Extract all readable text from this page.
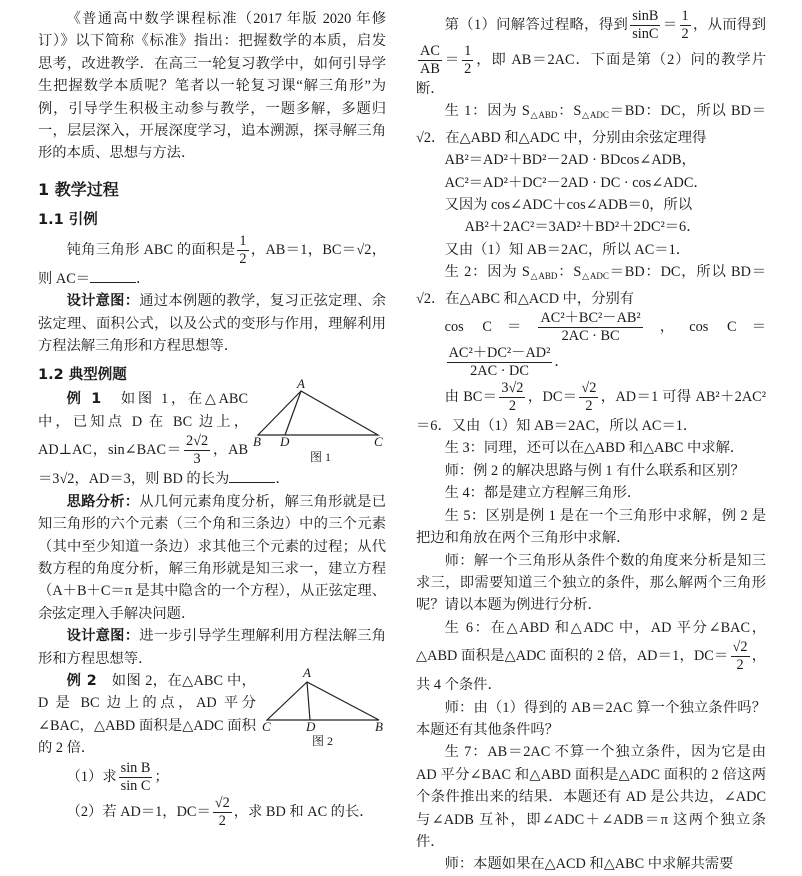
《普通高中数学课程标准（2017 年版 2020 年修订）》以下简称《标准》指出：把握数学的本质，启发思考，改进教学．在高三一轮复习教学中，如何引导学生把握数学本质呢？笔者以一轮复习课“解三角形”为例，引导学生积极主动参与教学，一题多解，多题归一，层层深入，开展深度学习，追本溯源，探寻解三角形的本质、思想与方法．
1 教学过程
1.1 引例
钝角三角形 ABC 的面积是 $\frac{1}{2}$ ，AB＝1，BC＝√2，则 AC＝	．
设计意图：通过本例题的教学，复习正弦定理、余弦定理、面积公式，以及公式的变形与作用，理解利用方程法解三角形和方程思想等．
1.2 典型例题
A
B D	C
图 1
例 1　如图 1，在△ABC 中，已知点 D 在 BC 边上，AD⊥AC，sin∠BAC＝ $\frac{2√2}{3}$ ，AB＝3√2，AD＝3，则 BD 的长为	．
思路分析：从几何元素角度分析，解三角形就是已知三角形的六个元素（三个角和三条边）中的三个元素（其中至少知道一条边）求其他三个元素的过程；从代数方程的角度分析，解三角形就是知三求一，建立方程（A＋B＋C＝π 是其中隐含的一个方程），从正弦定理、余弦定理入手解决问题．
设计意图：进一步引导学生理解利用方程法解三角形和方程思想等．
A
C	D	B
图 2
例 2　如图 2，在△ABC 中，D 是 BC 边上的点，AD 平分∠BAC，△ABD 面积是△ADC 面积的 2 倍．
（1）求 $\frac{\text{sin B}}{\text{sin C}}$ ；
（2）若 AD＝1，$DC= \frac{√2}{2}$ ，求 BD 和 AC 的长．
第（1）问解答过程略，得到 $\frac{\sin B}{\sin C} = \frac{1}{2}$ ，从而得到
$\frac{AC}{AB} = \frac{1}{2}$ ，即 AB＝2AC．下面是第（2）问的教学片断．
生 1：因为 $S_{\triangle ABD}$：$S_{\triangle ADC}=BD$：DC，所以 BD＝√2．在△ABD 和△ADC 中，分别由余弦定理得
AB²＝AD²＋BD²－2AD · BDcos∠ADB，
AC²＝AD²＋DC²－2AD · DC · cos∠ADC．
又因为 cos∠ADC＋cos∠ADB＝0，所以
AB²＋2AC²＝3AD²＋BD²＋2DC²＝6．
又由（1）知 AB＝2AC，所以 AC＝1．
生 2：因为 $S_{\triangle ABD}$：$S_{\triangle ADC}=BD$：DC，所以 BD＝√2．在△ABC 和△ACD 中，分别有
$\cos C= \frac{\text{AC²＋BC²－AB²}}{2AC \cdot BC}$ ，cos C＝
$\frac{\text{AC²＋DC²－AD²}}{2AC \cdot DC}$ ．
由 $BC= \frac{3√2}{2}$ ，$DC= \frac{√2}{2}$ ，AD＝1 可得 AB²＋2AC²＝6．又由（1）知 AB＝2AC，所以 AC＝1．
生 3：同理，还可以在△ABD 和△ABC 中求解．
师：例 2 的解决思路与例 1 有什么联系和区别？
生 4：都是建立方程解三角形．
生 5：区别是例 1 是在一个三角形中求解，例 2 是把边和角放在两个三角形中求解．
师：解一个三角形从条件个数的角度来分析是知三求三，即需要知道三个独立的条件，那么解两个三角形呢？请以本题为例进行分析．
生 6：在△ABD 和△ADC 中，AD 平分∠BAC，△ABD 面积是△ADC 面积的 2 倍，AD＝1，$DC= \frac{√2}{2}$ ，共 4 个条件．
师：由（1）得到的 AB＝2AC 算一个独立条件吗？本题还有其他条件吗？
生 7：AB＝2AC 不算一个独立条件，因为它是由 AD 平分∠BAC 和△ABD 面积是△ADC 面积的 2 倍这两个条件推出来的结果．本题还有 AD 是公共边，∠ADC 与∠ADB 互补，即∠ADC＋∠ADB＝π 这两个独立条件．
师：本题如果在△ACD 和△ABC 中求解共需要
